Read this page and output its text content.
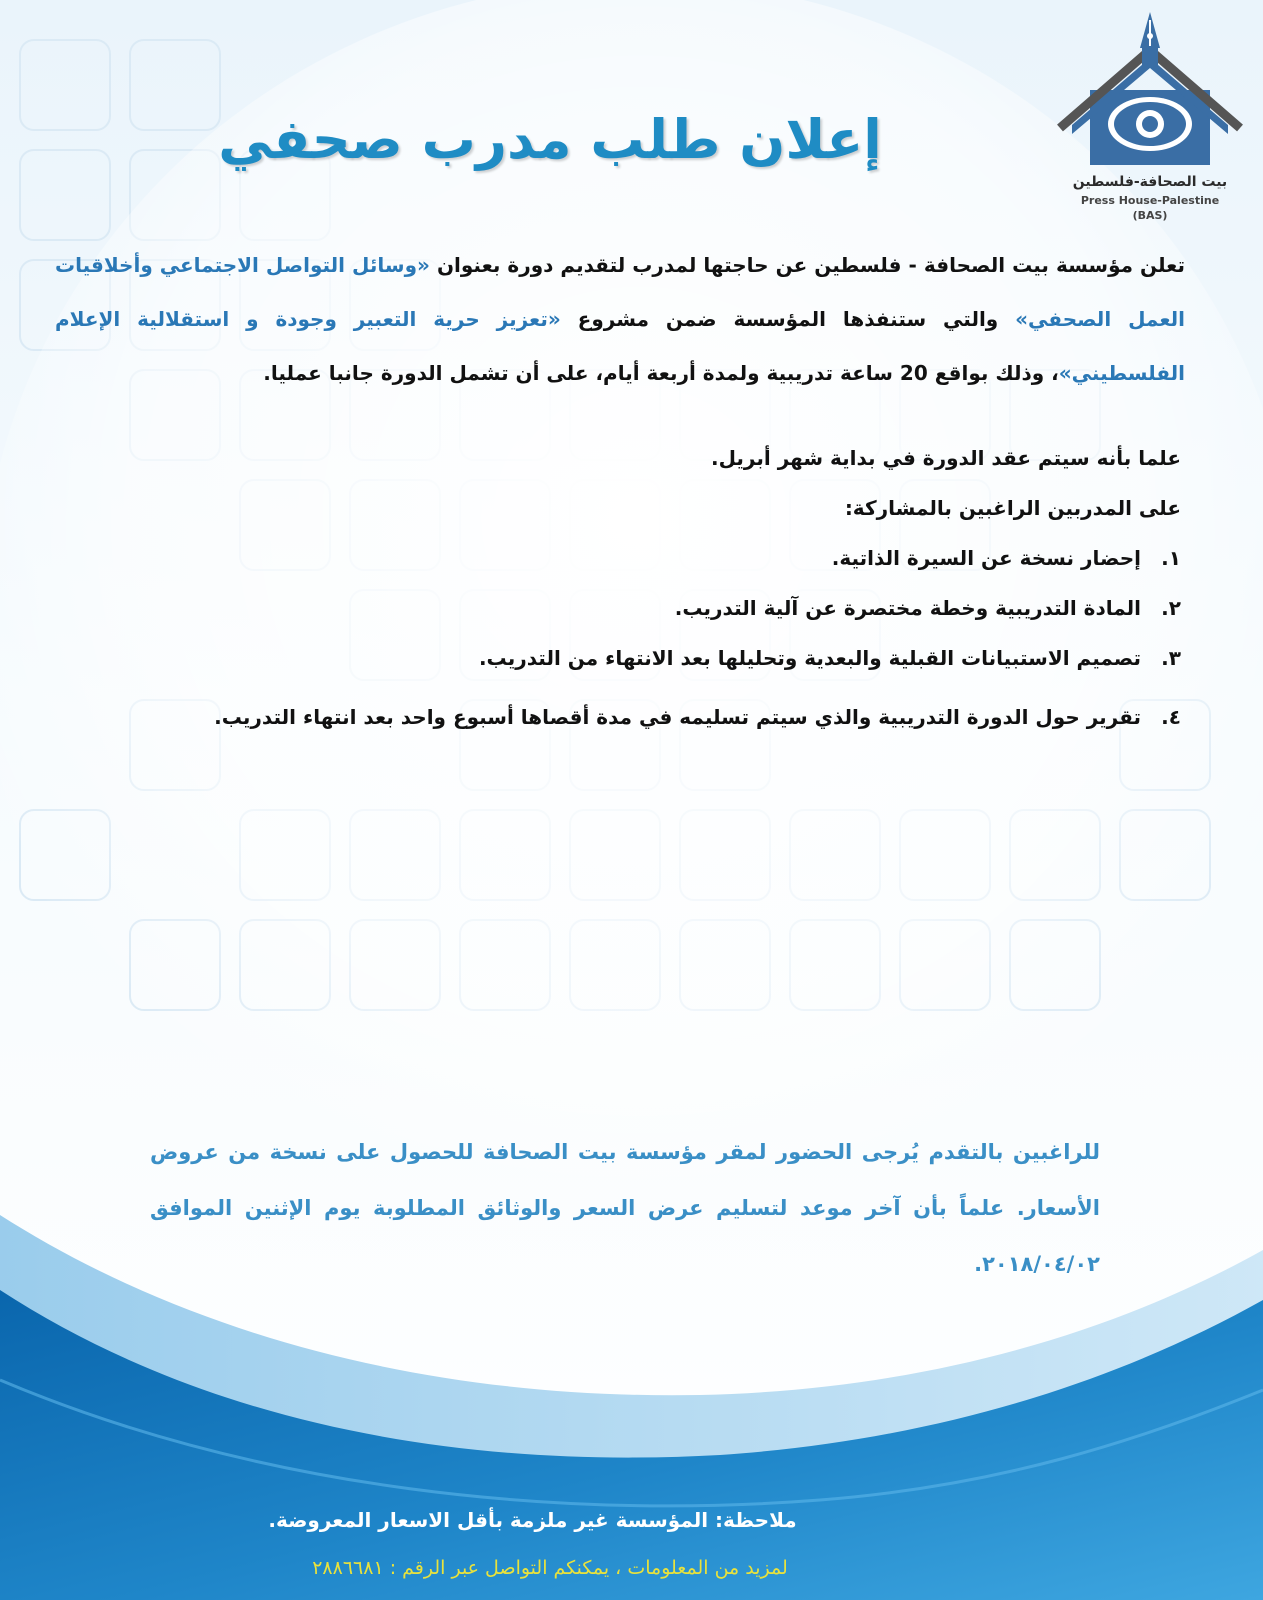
بيت الصحافة-فلسطين
Press House-Palestine
(BAS)
إعلان طلب مدرب صحفي
تعلن مؤسسة بيت الصحافة - فلسطين عن حاجتها لمدرب لتقديم دورة بعنوان «وسائل التواصل الاجتماعي وأخلاقيات العمل الصحفي» والتي ستنفذها المؤسسة ضمن مشروع «تعزيز حرية التعبير وجودة و استقلالية الإعلام الفلسطيني»، وذلك بواقع 20 ساعة تدريبية ولمدة أربعة أيام، على أن تشمل الدورة جانبا عمليا.
علما بأنه سيتم عقد الدورة في بداية شهر أبريل.
على المدربين الراغبين بالمشاركة:
١.إحضار نسخة عن السيرة الذاتية.
٢.المادة التدريبية وخطة مختصرة عن آلية التدريب.
٣.تصميم الاستبيانات القبلية والبعدية وتحليلها بعد الانتهاء من التدريب.
٤.تقرير حول الدورة التدريبية والذي سيتم تسليمه في مدة أقصاها أسبوع واحد بعد انتهاء التدريب.
للراغبين بالتقدم يُرجى الحضور لمقر مؤسسة بيت الصحافة للحصول على نسخة من عروض الأسعار. علماً بأن آخر موعد لتسليم عرض السعر والوثائق المطلوبة يوم الإثنين الموافق ٢٠١٨/٠٤/٠٢.
ملاحظة: المؤسسة غير ملزمة بأقل الاسعار المعروضة.
لمزيد من المعلومات ، يمكنكم التواصل عبر الرقم : ٢٨٨٦٦٨١
